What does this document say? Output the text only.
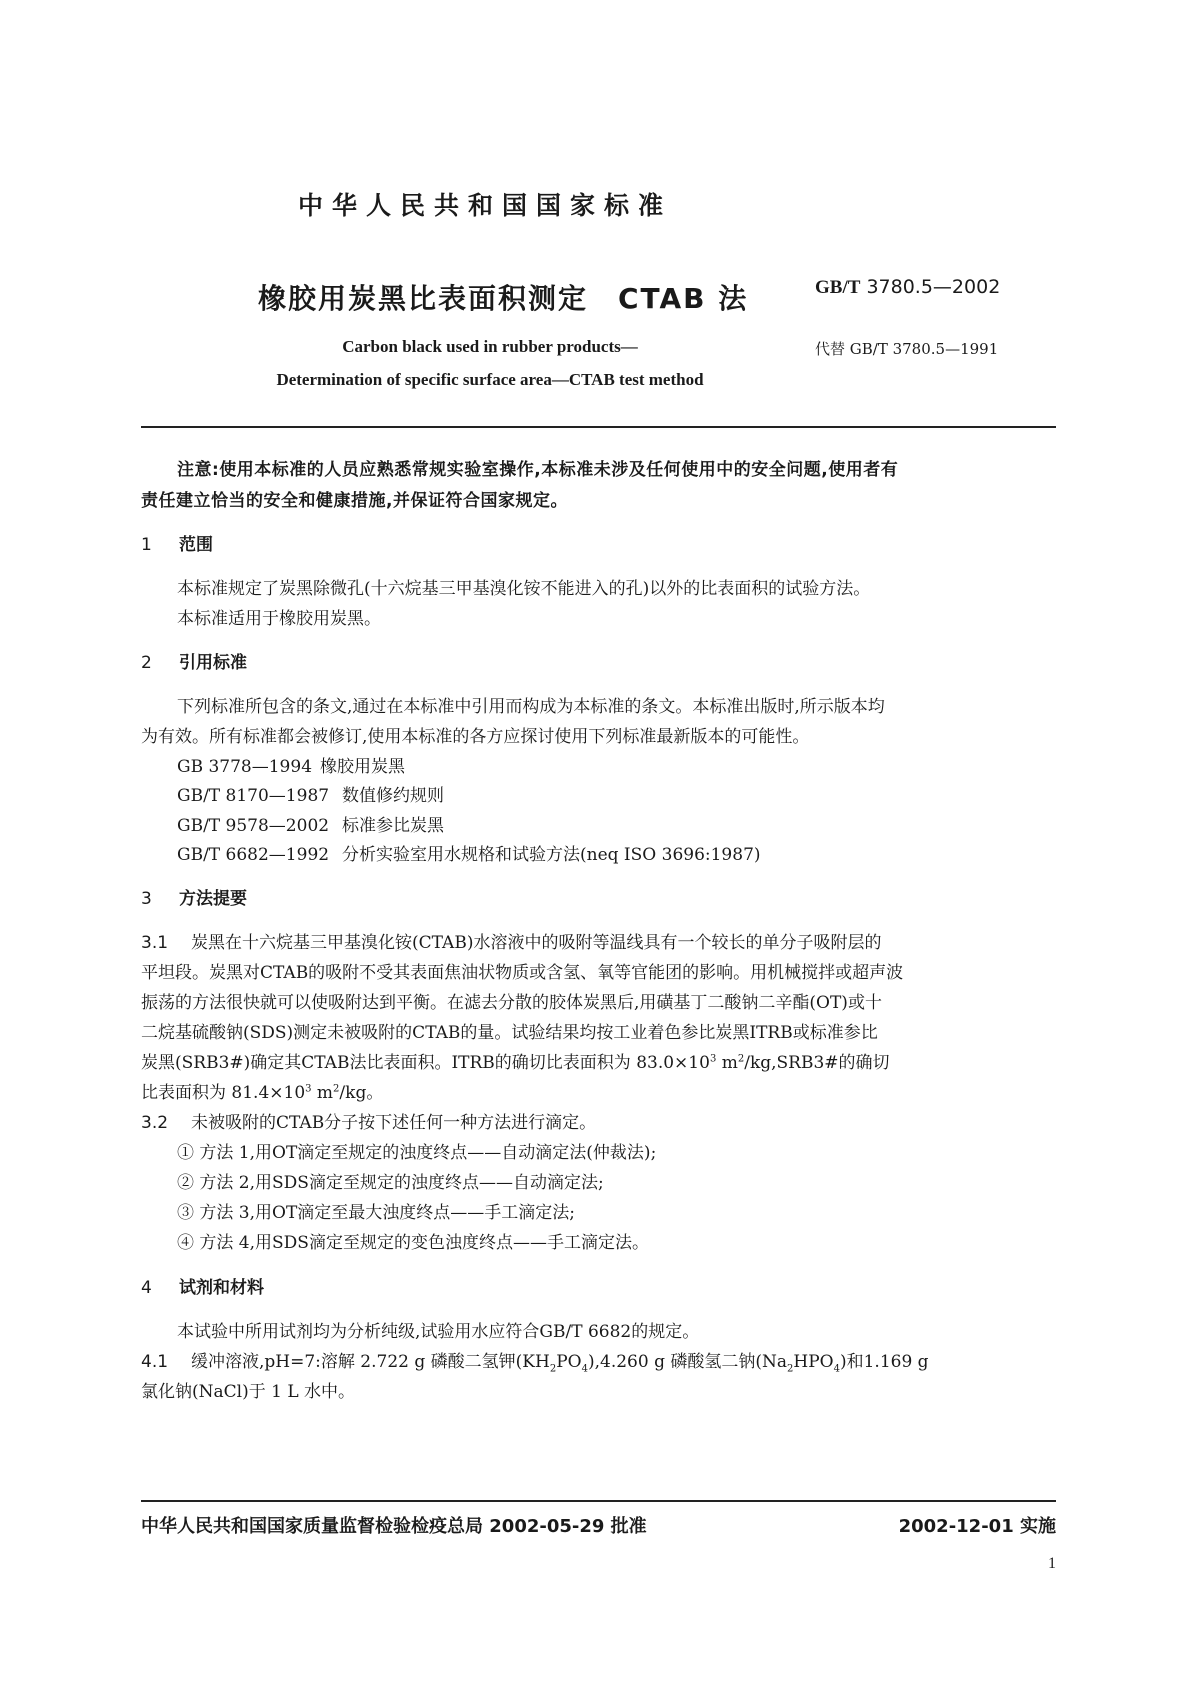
中华人民共和国国家标准
橡胶用炭黑比表面积测定　CTAB 法	GB/T 3780.5—2002
Carbon black used in rubber products—
Determination of specific surface area—CTAB test method
代替 GB/T 3780.5—1991
注意:使用本标准的人员应熟悉常规实验室操作,本标准未涉及任何使用中的安全问题,使用者有
责任建立恰当的安全和健康措施,并保证符合国家规定。
1 范围
本标准规定了炭黑除微孔(十六烷基三甲基溴化铵不能进入的孔)以外的比表面积的试验方法。
本标准适用于橡胶用炭黑。
2 引用标准
下列标准所包含的条文,通过在本标准中引用而构成为本标准的条文。本标准出版时,所示版本均
为有效。所有标准都会被修订,使用本标准的各方应探讨使用下列标准最新版本的可能性。
GB 3778—1994 橡胶用炭黑
GB/T 8170—1987 数值修约规则
GB/T 9578—2002 标准参比炭黑
GB/T 6682—1992 分析实验室用水规格和试验方法(neq ISO 3696:1987)
3 方法提要
3.1 炭黑在十六烷基三甲基溴化铵(CTAB)水溶液中的吸附等温线具有一个较长的单分子吸附层的
平坦段。炭黑对CTAB的吸附不受其表面焦油状物质或含氢、氧等官能团的影响。用机械搅拌或超声波
振荡的方法很快就可以使吸附达到平衡。在滤去分散的胶体炭黑后,用磺基丁二酸钠二辛酯(OT)或十
二烷基硫酸钠(SDS)测定未被吸附的CTAB的量。试验结果均按工业着色参比炭黑ITRB或标准参比
炭黑(SRB3#)确定其CTAB法比表面积。ITRB的确切比表面积为 $83.0\times 10^3$ $m^2/kg,SRB3\#$的确切
比表面积为 $81.4\times 10^3$ $m^2/kg$。
3.2 未被吸附的CTAB分子按下述任何一种方法进行滴定。
① 方法 1,用OT滴定至规定的浊度终点——自动滴定法(仲裁法);
② 方法 2,用SDS滴定至规定的浊度终点——自动滴定法;
③ 方法 3,用OT滴定至最大浊度终点——手工滴定法;
④ 方法 4,用SDS滴定至规定的变色浊度终点——手工滴定法。
4 试剂和材料
本试验中所用试剂均为分析纯级,试验用水应符合GB/T 6682的规定。
4.1 缓冲溶液,pH=7:溶解 2.722 g 磷酸二氢钾$(KH_2PO_4),4.260$ g 磷酸氢二钠$(Na_2HPO_4)$和1.169 g
氯化钠(NaCl)于 1 L 水中。
中华人民共和国国家质量监督检验检疫总局 2002-05-29 批准	2002-12-01 实施
1
